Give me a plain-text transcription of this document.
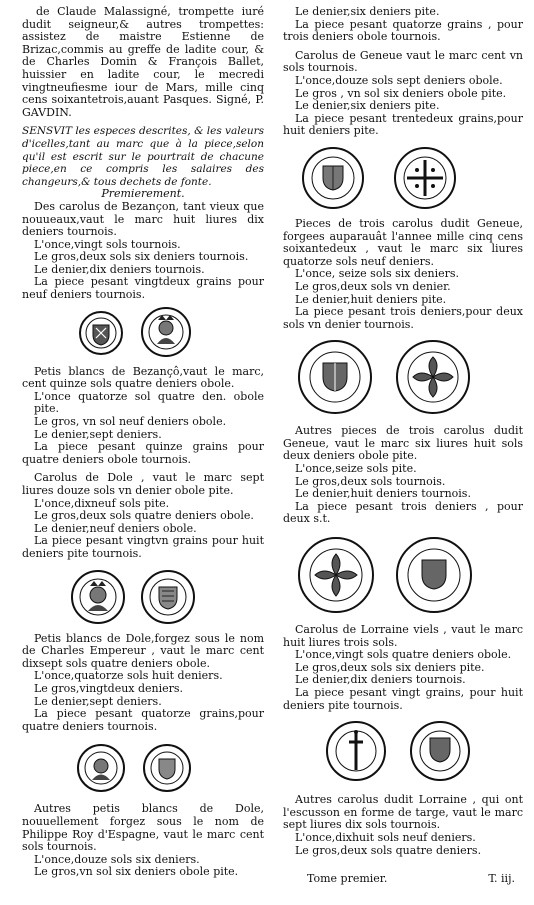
de Claude Malassigné, trompette iuré dudit seigneur,& autres trompettes: assistez de maistre Estienne de Brizac,commis au greffe de ladite cour, & de Charles Domin & François Ballet, huissier en ladite cour, le mecredi vingtneufiesme iour de Mars, mille cinq cens soixantetrois,auant Pasques. Signé, P. GAVDIN.

SENSVIT les especes descrites, & les valeurs d'icelles,tant au marc que à la piece,selon qu'il est escrit sur le pourtrait de chacune piece,en ce compris les salaires des changeurs,& tous dechets de fonte.

Premierement.

Des carolus de Bezançon, tant vieux que nouueaux,vaut le marc huit liures dix deniers tournois.

L'once,vingt sols tournois.

Le gros,deux sols six deniers tournois.

Le denier,dix deniers tournois.

La piece pesant vingtdeux grains pour neuf deniers tournois.

Petis blancs de Bezançô,vaut le marc, cent quinze sols quatre deniers obole.

L'once quatorze sol quatre den. obole pite.

Le gros, vn sol neuf deniers obole.

Le denier,sept deniers.

La piece pesant quinze grains pour quatre deniers obole tournois.

Carolus de Dole , vaut le marc sept liures douze sols vn denier obole pite.

L'once,dixneuf sols pite.

Le gros,deux sols quatre deniers obole.

Le denier,neuf deniers obole.

La piece pesant vingtvn grains pour huit deniers pite tournois.

Petis blancs de Dole,forgez sous le nom de Charles Empereur , vaut le marc cent dixsept sols quatre deniers obole.

L'once,quatorze sols huit deniers.

Le gros,vingtdeux deniers.

Le denier,sept deniers.

La piece pesant quatorze grains,pour quatre deniers tournois.

Autres petis blancs de Dole, nouuellement forgez sous le nom de Philippe Roy d'Espagne, vaut le marc cent sols tournois.

L'once,douze sols six deniers.

Le gros,vn sol six deniers obole pite.

Le denier,six deniers pite.

La piece pesant quatorze grains , pour trois deniers obole tournois.

Carolus de Geneue vaut le marc cent vn sols tournois.

L'once,douze sols sept deniers obole.

Le gros , vn sol six deniers obole pite.

Le denier,six deniers pite.

La piece pesant trentedeux grains,pour huit deniers pite.

Pieces de trois carolus dudit Geneue, forgees auparauât l'annee mille cinq cens soixantedeux , vaut le marc six liures quatorze sols neuf deniers.

L'once, seize sols six deniers.

Le gros,deux sols vn denier.

Le denier,huit deniers pite.

La piece pesant trois deniers,pour deux sols vn denier tournois.

Autres pieces de trois carolus dudit Geneue, vaut le marc six liures huit sols deux deniers obole pite.

L'once,seize sols pite.

Le gros,deux sols tournois.

Le denier,huit deniers tournois.

La piece pesant trois deniers , pour deux s.t.

Carolus de Lorraine viels , vaut le marc huit liures trois sols.

L'once,vingt sols quatre deniers obole.

Le gros,deux sols six deniers pite.

Le denier,dix deniers tournois.

La piece pesant vingt grains, pour huit deniers pite tournois.

Autres carolus dudit Lorraine , qui ont l'escusson en forme de targe, vaut le marc sept liures dix sols tournois.

L'once,dixhuit sols neuf deniers.

Le gros,deux sols quatre deniers.

Tome premier.	T. iij.
